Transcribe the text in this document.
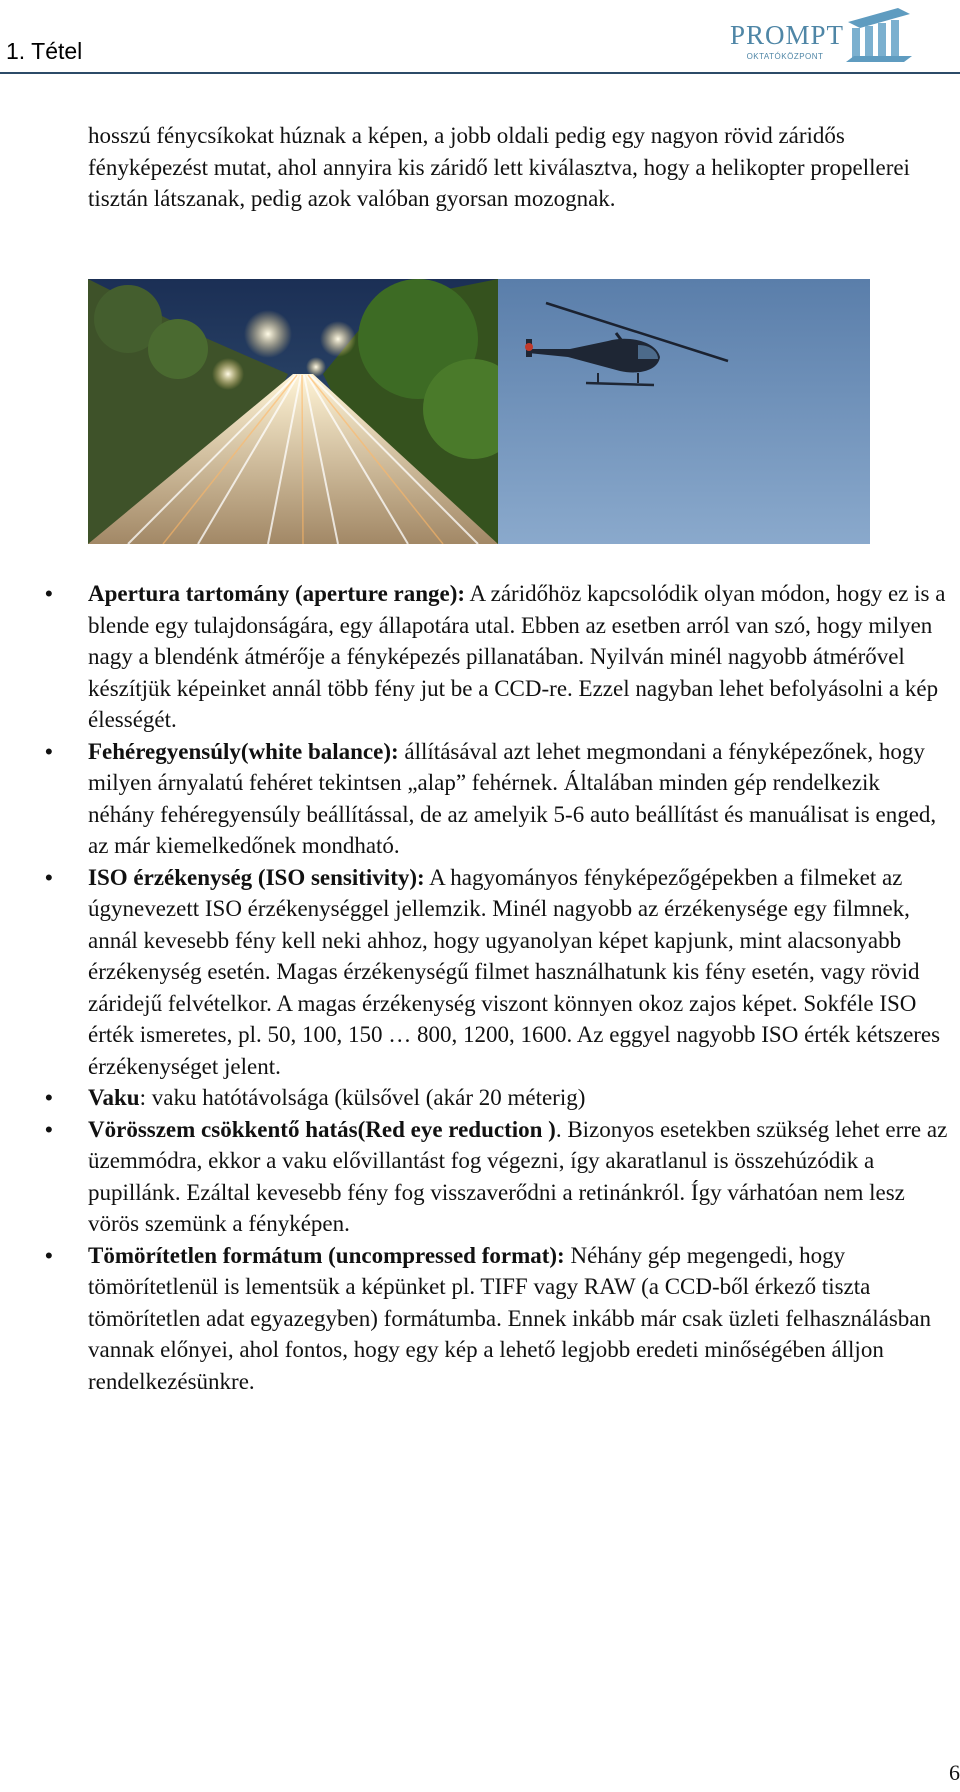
1. Tétel
PROMPT
OKTATÓKÖZPONT

hosszú fénycsíkokat húznak a képen, a jobb oldali pedig egy nagyon rövid záridős fényképezést mutat, ahol annyira kis záridő lett kiválasztva, hogy a helikopter propellerei tisztán látszanak, pedig azok valóban gyorsan mozognak.

• Apertura tartomány (aperture range): A záridőhöz kapcsolódik olyan módon, hogy ez is a blende egy tulajdonságára, egy állapotára utal. Ebben az esetben arról van szó, hogy milyen nagy a blendénk átmérője a fényképezés pillanatában. Nyilván minél nagyobb átmérővel készítjük képeinket annál több fény jut be a CCD-re. Ezzel nagyban lehet befolyásolni a kép élességét.
• Fehéregyensúly(white balance): állításával azt lehet megmondani a fényképezőnek, hogy milyen árnyalatú fehéret tekintsen „alap” fehérnek. Általában minden gép rendelkezik néhány fehéregyensúly beállítással, de az amelyik 5-6 auto beállítást és manuálisat is enged, az már kiemelkedőnek mondható.
• ISO érzékenység (ISO sensitivity): A hagyományos fényképezőgépekben a filmeket az úgynevezett ISO érzékenységgel jellemzik. Minél nagyobb az érzékenysége egy filmnek, annál kevesebb fény kell neki ahhoz, hogy ugyanolyan képet kapjunk, mint alacsonyabb érzékenység esetén. Magas érzékenységű filmet használhatunk kis fény esetén, vagy rövid záridejű felvételkor. A magas érzékenység viszont könnyen okoz zajos képet. Sokféle ISO érték ismeretes, pl. 50, 100, 150 … 800, 1200, 1600. Az eggyel nagyobb ISO érték kétszeres érzékenységet jelent.
• Vaku: vaku hatótávolsága (külsővel (akár 20 méterig)
• Vörösszem csökkentő hatás(Red eye reduction ). Bizonyos esetekben szükség lehet erre az üzemmódra, ekkor a vaku elővillantást fog végezni, így akaratlanul is összehúzódik a pupillánk. Ezáltal kevesebb fény fog visszaverődni a retinánkról. Így várhatóan nem lesz vörös szemünk a fényképen.
• Tömörítetlen formátum (uncompressed format): Néhány gép megengedi, hogy tömörítetlenül is lementsük a képünket pl. TIFF vagy RAW (a CCD-ből érkező tiszta tömörítetlen adat egyazegyben) formátumba. Ennek inkább már csak üzleti felhasználásban vannak előnyei, ahol fontos, hogy egy kép a lehető legjobb eredeti minőségében álljon rendelkezésünkre.
6
